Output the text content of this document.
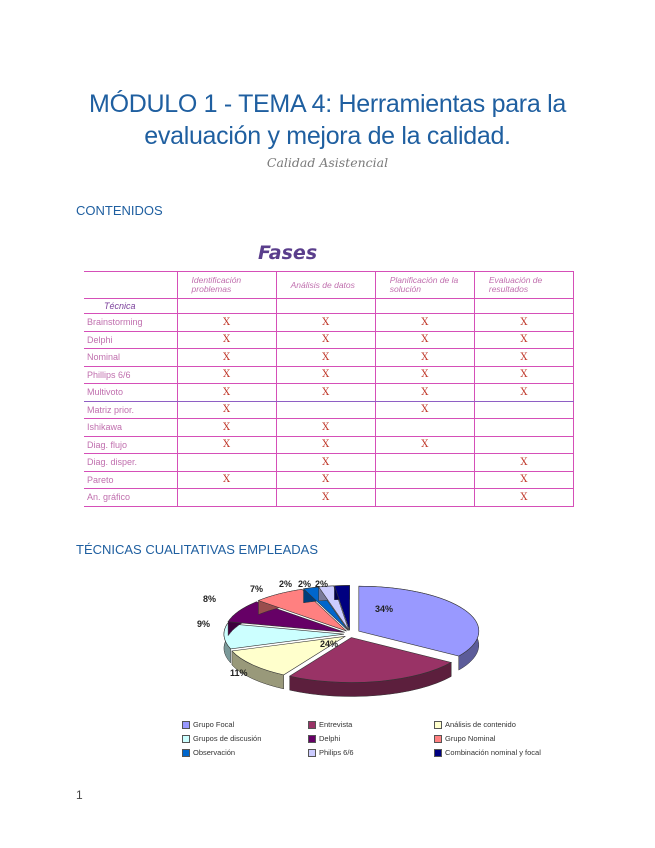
MÓDULO 1 - TEMA 4: Herramientas para la
evaluación y mejora de la calidad.
Calidad Asistencial
CONTENIDOS
Fases
	Identificación problemas	Análisis de datos	Planificación de la solución	Evaluación de resultados
Técnica				
Brainstorming	X	X	X	X
Delphi	X	X	X	X
Nominal	X	X	X	X
Phillips 6/6	X	X	X	X
Multivoto	X	X	X	X
Matriz prior.	X		X	
Ishikawa	X	X		
Diag. flujo	X	X	X	
Diag. disper.		X		X
Pareto	X	X		X
An. gráfico		X		X
TÉCNICAS CUALITATIVAS EMPLEADAS
34%
24%
11%
9%
8%
7% 2% 2% 2%
Grupo Focal	Entrevista	Análisis de contenido
Grupos de discusión	Delphi	Grupo Nominal
Observación	Philips 6/6	Combinación nominal y focal
1
